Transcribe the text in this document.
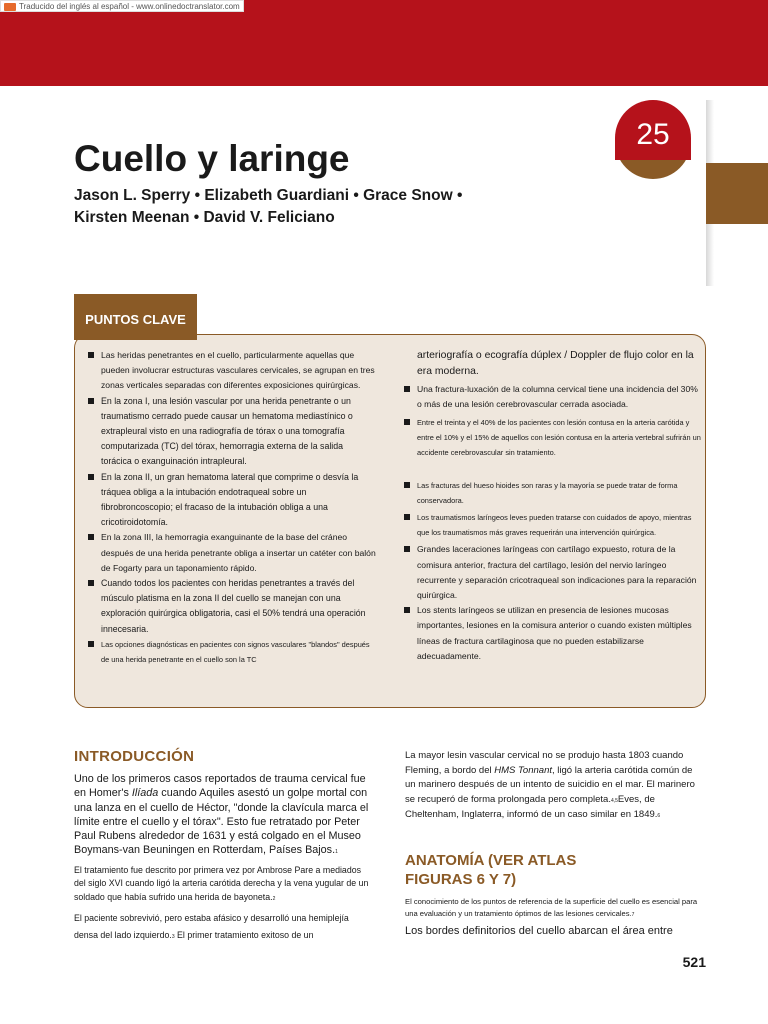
Traducido del inglés al español - www.onlinedoctranslator.com
25
Cuello y laringe
Jason L. Sperry • Elizabeth Guardiani • Grace Snow •
Kirsten Meenan • David V. Feliciano
PUNTOS CLAVE
Las heridas penetrantes en el cuello, particularmente aquellas que pueden involucrar estructuras vasculares cervicales, se agrupan en tres zonas verticales separadas con diferentes exposiciones quirúrgicas.
En la zona I, una lesión vascular por una herida penetrante o un traumatismo cerrado puede causar un hematoma mediastínico o extrapleural visto en una radiografía de tórax o una tomografía computarizada (TC) del tórax, hemorragia externa de la salida torácica o exanguinación intrapleural.
En la zona II, un gran hematoma lateral que comprime o desvía la tráquea obliga a la intubación endotraqueal sobre un fibrobroncoscopio; el fracaso de la intubación obliga a una cricotiroidotomía.
En la zona III, la hemorragia exanguinante de la base del cráneo después de una herida penetrante obliga a insertar un catéter con balón de Fogarty para un taponamiento rápido.
Cuando todos los pacientes con heridas penetrantes a través del músculo platisma en la zona II del cuello se manejan con una exploración quirúrgica obligatoria, casi el 50% tendrá una operación innecesaria.
Las opciones diagnósticas en pacientes con signos vasculares "blandos" después de una herida penetrante en el cuello son la TC
arteriografía o ecografía dúplex / Doppler de flujo color en la era moderna.
Una fractura-luxación de la columna cervical tiene una incidencia del 30% o más de una lesión cerebrovascular cerrada asociada.
Entre el treinta y el 40% de los pacientes con lesión contusa en la arteria carótida y entre el 10% y el 15% de aquellos con lesión contusa en la arteria vertebral sufrirán un accidente cerebrovascular sin tratamiento.
Las fracturas del hueso hioides son raras y la mayoría se puede tratar de forma conservadora.
Los traumatismos laríngeos leves pueden tratarse con cuidados de apoyo, mientras que los traumatismos más graves requerirán una intervención quirúrgica.
Grandes laceraciones laríngeas con cartílago expuesto, rotura de la comisura anterior, fractura del cartílago, lesión del nervio laríngeo recurrente y separación cricotraqueal son indicaciones para la reparación quirúrgica.
Los stents laríngeos se utilizan en presencia de lesiones mucosas importantes, lesiones en la comisura anterior o cuando existen múltiples líneas de fractura cartilaginosa que no pueden estabilizarse adecuadamente.
INTRODUCCIÓN

Uno de los primeros casos reportados de trauma cervical fue en Homer's Ilíada cuando Aquiles asestó un golpe mortal con una lanza en el cuello de Héctor, "donde la clavícula marca el límite entre el cuello y el tórax". Esto fue retratado por Peter Paul Rubens alrededor de 1631 y está colgado en el Museo Boymans-van Beuningen en Rotterdam, Países Bajos.1

El tratamiento fue descrito por primera vez por Ambrose Pare a mediados del siglo XVI cuando ligó la arteria carótida derecha y la vena yugular de un soldado que había sufrido una herida de bayoneta.2

El paciente sobrevivió, pero estaba afásico y desarrolló una hemiplejía densa del lado izquierdo.3 El primer tratamiento exitoso de un

La mayor lesin vascular cervical no se produjo hasta 1803 cuando Fleming, a bordo del HMS Tonnant, ligó la arteria carótida común de un marinero después de un intento de suicidio en el mar. El marinero se recuperó de forma prolongada pero completa.4,5Eves, de Cheltenham, Inglaterra, informó de un caso similar en 1849.6

ANATOMÍA (VER ATLAS FIGURAS 6 Y 7)

El conocimiento de los puntos de referencia de la superficie del cuello es esencial para una evaluación y un tratamiento óptimos de las lesiones cervicales.7

Los bordes definitorios del cuello abarcan el área entre

521
